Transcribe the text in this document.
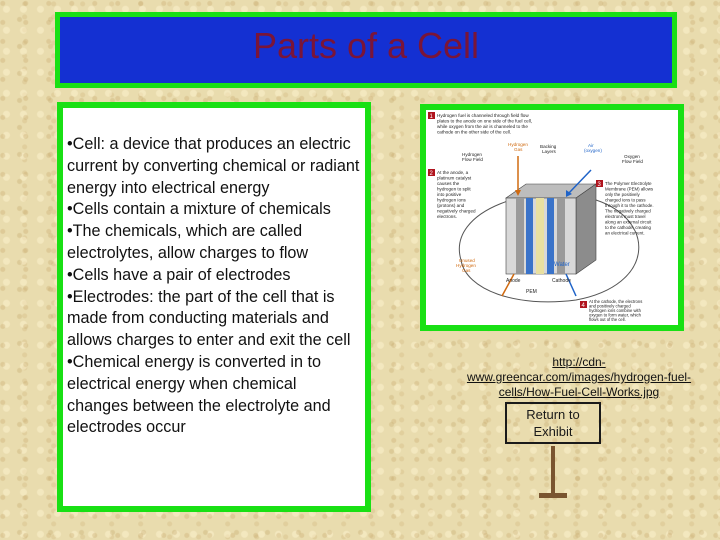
Parts of a Cell
•Cell: a device that produces an electric current by converting chemical or radiant energy into electrical energy
•Cells contain a mixture of chemicals
•The chemicals, which are called electrolytes, allow charges to flow
•Cells have a pair of electrodes
•Electrodes: the part of the cell that is made from conducting materials and allows charges to enter and exit the cell
•Chemical energy is converted in to electrical energy when chemical changes between the electrolyte and electrodes occur
1 Hydrogen fuel is channeled through field flow
plates to the anode on one side of the fuel cell,
while oxygen from the air is channeled to the
cathode on the other side of the cell.
Hydrogen
Gas
Hydrogen
Flow Field
Backing
Layers
Air
(oxygen)
Oxygen
Flow Field
2 At the anode, a
platinum catalyst
causes the
hydrogen to split
into positive
hydrogen ions
(protons) and
negatively charged
electrons.
3 The Polymer Electrolyte
Membrane (PEM) allows
only the positively
charged ions to pass
through it to the cathode.
The negatively charged
electrons must travel
along an external circuit
to the cathode, creating
an electrical current.
Unused
Hydrogen
Gas
Water
Anode	Cathode
PEM
4
At the cathode, the electrons
and positively charged
hydrogen ions combine with
oxygen to form water, which
flows out of the cell.
http://cdn-www.greencar.com/images/hydrogen-fuel-cells/How-Fuel-Cell-Works.jpg
Return to
Exhibit
